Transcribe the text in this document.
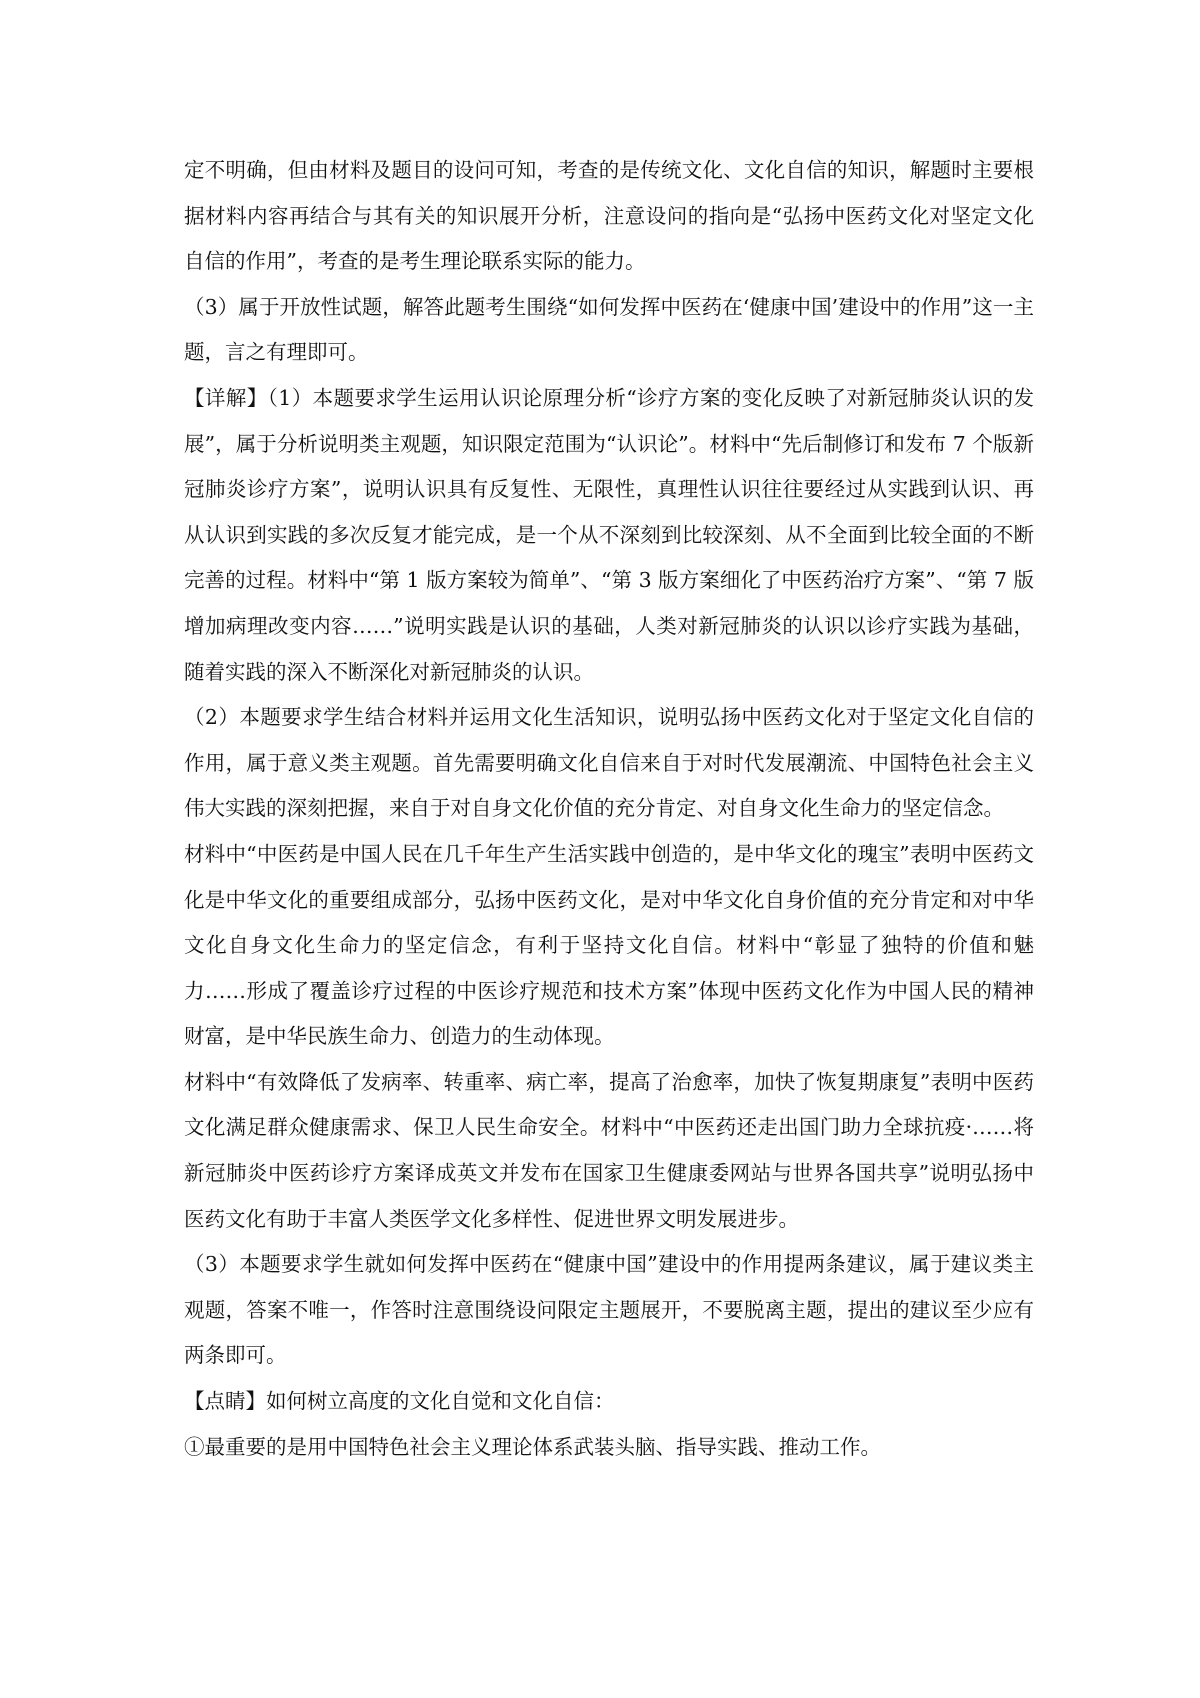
定不明确，但由材料及题目的设问可知，考查的是传统文化、文化自信的知识，解题时主要根据材料内容再结合与其有关的知识展开分析，注意设问的指向是“弘扬中医药文化对坚定文化自信的作用”，考查的是考生理论联系实际的能力。

（3）属于开放性试题，解答此题考生围绕“如何发挥中医药在‘健康中国’建设中的作用”这一主题，言之有理即可。

【详解】（1）本题要求学生运用认识论原理分析“诊疗方案的变化反映了对新冠肺炎认识的发展”，属于分析说明类主观题，知识限定范围为“认识论”。材料中“先后制修订和发布 7 个版新冠肺炎诊疗方案”，说明认识具有反复性、无限性，真理性认识往往要经过从实践到认识、再从认识到实践的多次反复才能完成，是一个从不深刻到比较深刻、从不全面到比较全面的不断完善的过程。材料中“第 1 版方案较为简单”、“第 3 版方案细化了中医药治疗方案”、“第 7 版增加病理改变内容……”说明实践是认识的基础，人类对新冠肺炎的认识以诊疗实践为基础，随着实践的深入不断深化对新冠肺炎的认识。

（2）本题要求学生结合材料并运用文化生活知识，说明弘扬中医药文化对于坚定文化自信的作用，属于意义类主观题。首先需要明确文化自信来自于对时代发展潮流、中国特色社会主义伟大实践的深刻把握，来自于对自身文化价值的充分肯定、对自身文化生命力的坚定信念。

材料中“中医药是中国人民在几千年生产生活实践中创造的，是中华文化的瑰宝”表明中医药文化是中华文化的重要组成部分，弘扬中医药文化，是对中华文化自身价值的充分肯定和对中华文化自身文化生命力的坚定信念，有利于坚持文化自信。材料中“彰显了独特的价值和魅力……形成了覆盖诊疗过程的中医诊疗规范和技术方案”体现中医药文化作为中国人民的精神财富，是中华民族生命力、创造力的生动体现。

材料中“有效降低了发病率、转重率、病亡率，提高了治愈率，加快了恢复期康复”表明中医药文化满足群众健康需求、保卫人民生命安全。材料中“中医药还走出国门助力全球抗疫·……将新冠肺炎中医药诊疗方案译成英文并发布在国家卫生健康委网站与世界各国共享”说明弘扬中医药文化有助于丰富人类医学文化多样性、促进世界文明发展进步。

（3）本题要求学生就如何发挥中医药在“健康中国”建设中的作用提两条建议，属于建议类主观题，答案不唯一，作答时注意围绕设问限定主题展开，不要脱离主题，提出的建议至少应有两条即可。

【点睛】如何树立高度的文化自觉和文化自信：

①最重要的是用中国特色社会主义理论体系武装头脑、指导实践、推动工作。
